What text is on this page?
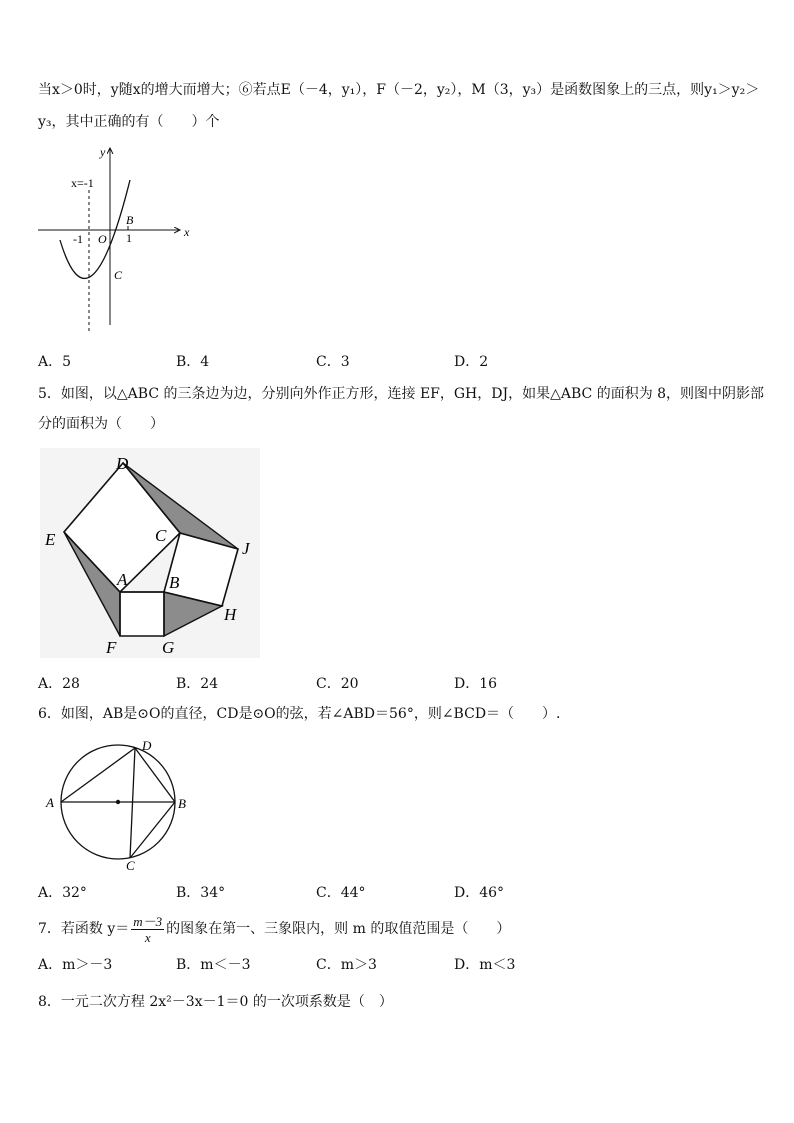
当x＞0时，y随x的增大而增大；⑥若点E（－4，y₁），F（－2，y₂），M（3，y₃）是函数图象上的三点，则y₁＞y₂＞
y₃，其中正确的有（　　）个
y
x
x=-1
-1 O 1
B
C
A．5	B．4	C．3	D．2
5．如图，以△ABC 的三条边为边，分别向外作正方形，连接 EF，GH，DJ，如果△ABC 的面积为 8，则图中阴影部
分的面积为（　　）
D
E	C
J
A B
H
F	G
A．28	B．24	C．20	D．16
6．如图，AB是⊙O的直径，CD是⊙O的弦，若∠ABD＝56°，则∠BCD＝（　　）.
A	B
C
D
A．32°	B．34°	C．44°	D．46°
7．若函数 $y= \frac{m-3}{x}$ 的图象在第一、三象限内，则 m 的取值范围是（　　）
A．m＞－3	B．m＜－3	C．m＞3	D．m＜3
8．一元二次方程 2x²－3x－1＝0 的一次项系数是（　）
